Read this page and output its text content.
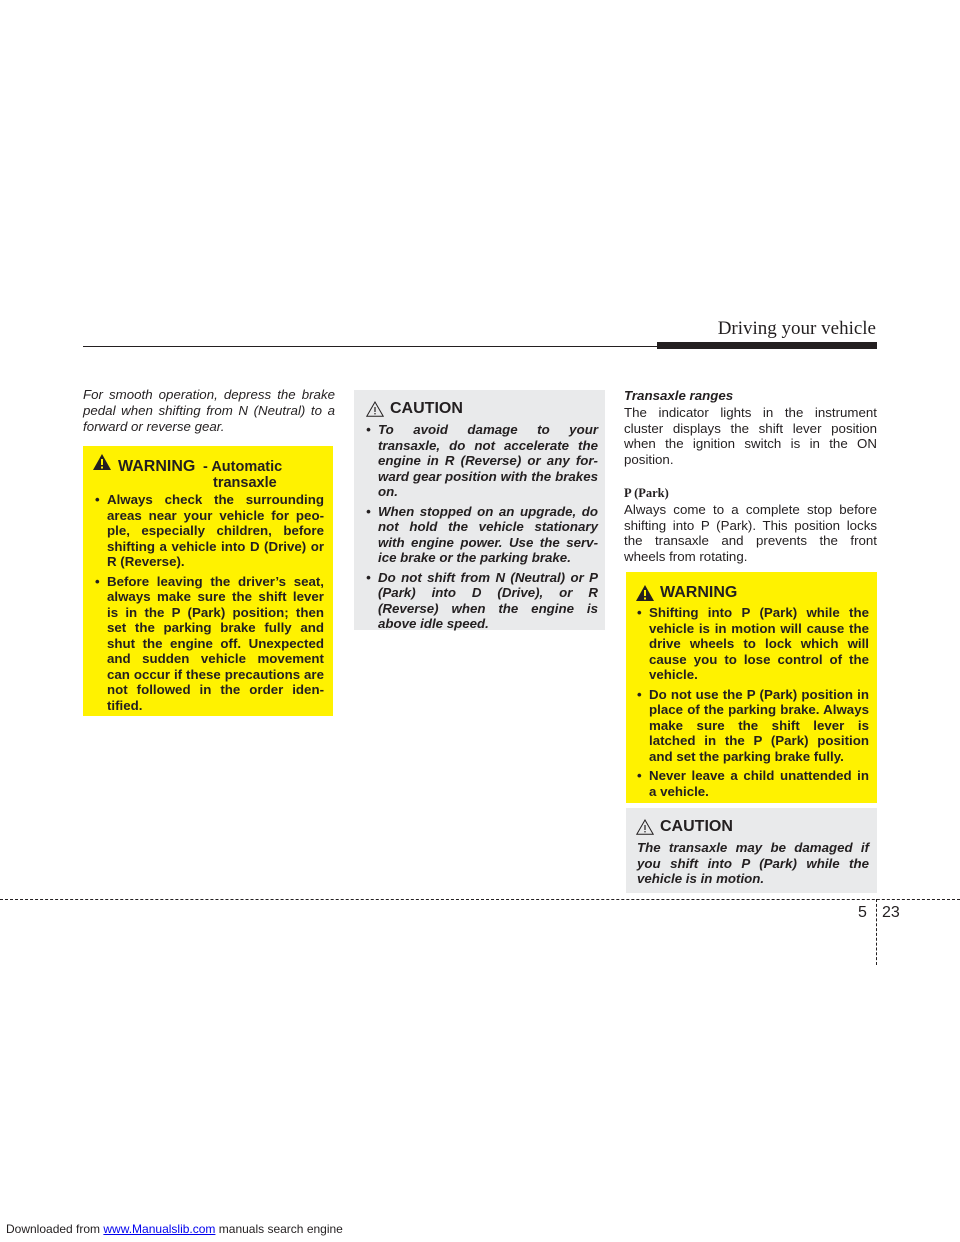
Driving your vehicle
For smooth operation, depress the brake pedal when shifting from N (Neutral) to a forward or reverse gear.
WARNING - Automatic
transaxle
• Always check the surrounding areas near your vehicle for peo-ple, especially children, before shifting a vehicle into D (Drive) or R (Reverse).
• Before leaving the driver’s seat, always make sure the shift lever is in the P (Park) position; then set the parking brake fully and shut the engine off. Unexpected and sudden vehicle movement can occur if these precautions are not followed in the order iden-tified.
CAUTION
• To avoid damage to your transaxle, do not accelerate the engine in R (Reverse) or any for-ward gear position with the brakes on.
• When stopped on an upgrade, do not hold the vehicle stationary with engine power. Use the serv-ice brake or the parking brake.
• Do not shift from N (Neutral) or P (Park) into D (Drive), or R (Reverse) when the engine is above idle speed.
Transaxle ranges
The indicator lights in the instrument cluster displays the shift lever position when the ignition switch is in the ON position.
P (Park)
Always come to a complete stop before shifting into P (Park). This position locks the transaxle and prevents the front wheels from rotating.
WARNING
• Shifting into P (Park) while the vehicle is in motion will cause the drive wheels to lock which will cause you to lose control of the vehicle.
• Do not use the P (Park) position in place of the parking brake. Always make sure the shift lever is latched in the P (Park) position and set the parking brake fully.
• Never leave a child unattended in a vehicle.
CAUTION
The transaxle may be damaged if you shift into P (Park) while the vehicle is in motion.
5 23
Downloaded from www.Manualslib.com manuals search engine
